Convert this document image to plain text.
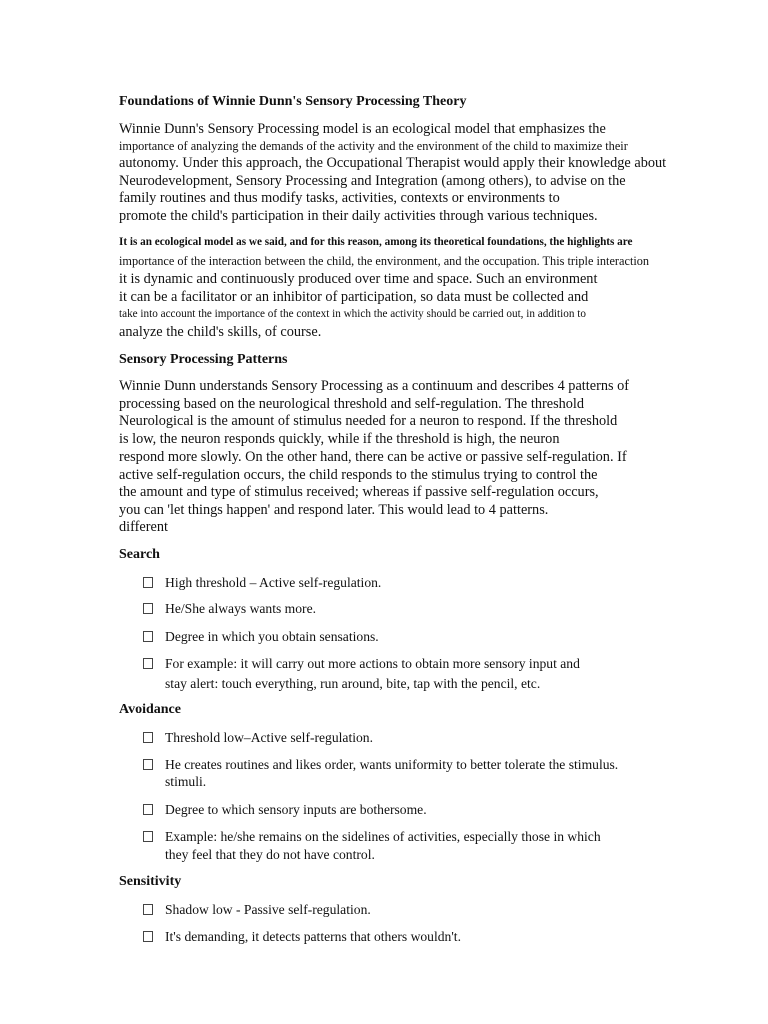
Foundations of Winnie Dunn's Sensory Processing Theory
Winnie Dunn's Sensory Processing model is an ecological model that emphasizes the
importance of analyzing the demands of the activity and the environment of the child to maximize their
autonomy. Under this approach, the Occupational Therapist would apply their knowledge about
Neurodevelopment, Sensory Processing and Integration (among others), to advise on the
family routines and thus modify tasks, activities, contexts or environments to
promote the child's participation in their daily activities through various techniques.
It is an ecological model as we said, and for this reason, among its theoretical foundations, the highlights are
importance of the interaction between the child, the environment, and the occupation. This triple interaction
it is dynamic and continuously produced over time and space. Such an environment
it can be a facilitator or an inhibitor of participation, so data must be collected and
take into account the importance of the context in which the activity should be carried out, in addition to
analyze the child's skills, of course.
Sensory Processing Patterns
Winnie Dunn understands Sensory Processing as a continuum and describes 4 patterns of
processing based on the neurological threshold and self-regulation. The threshold
Neurological is the amount of stimulus needed for a neuron to respond. If the threshold
is low, the neuron responds quickly, while if the threshold is high, the neuron
respond more slowly. On the other hand, there can be active or passive self-regulation. If
active self-regulation occurs, the child responds to the stimulus trying to control the
the amount and type of stimulus received; whereas if passive self-regulation occurs,
you can 'let things happen' and respond later. This would lead to 4 patterns.
different
Search
High threshold – Active self-regulation.
He/She always wants more.
Degree in which you obtain sensations.
For example: it will carry out more actions to obtain more sensory input and
stay alert: touch everything, run around, bite, tap with the pencil, etc.
Avoidance
Threshold low–Active self-regulation.
He creates routines and likes order, wants uniformity to better tolerate the stimulus.
stimuli.
Degree to which sensory inputs are bothersome.
Example: he/she remains on the sidelines of activities, especially those in which
they feel that they do not have control.
Sensitivity
Shadow low - Passive self-regulation.
It's demanding, it detects patterns that others wouldn't.
